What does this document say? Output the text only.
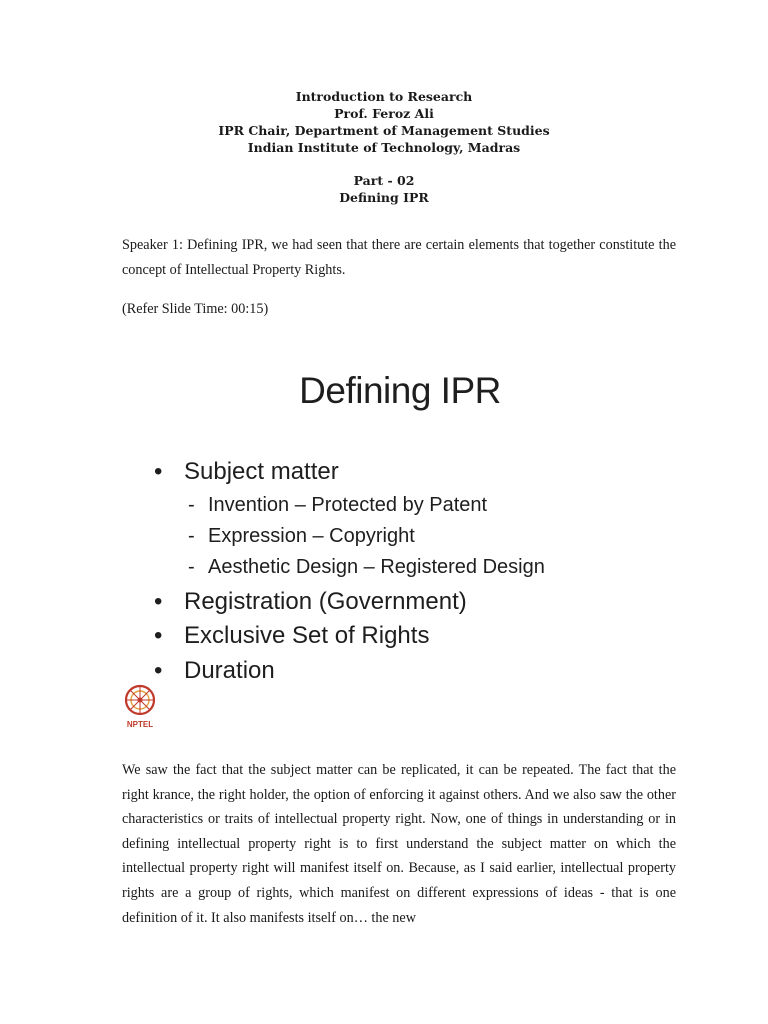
Introduction to Research
Prof. Feroz Ali
IPR Chair, Department of Management Studies
Indian Institute of Technology, Madras
Part - 02
Defining IPR

Speaker 1: Defining IPR, we had seen that there are certain elements that together constitute the concept of Intellectual Property Rights.

(Refer Slide Time: 00:15)
Defining IPR
• Subject matter
- Invention – Protected by Patent
- Expression – Copyright
- Aesthetic Design – Registered Design
• Registration (Government)
• Exclusive Set of Rights
• Duration
NPTEL

We saw the fact that the subject matter can be replicated, it can be repeated. The fact that the right krance, the right holder, the option of enforcing it against others. And we also saw the other characteristics or traits of intellectual property right. Now, one of things in understanding or in defining intellectual property right is to first understand the subject matter on which the intellectual property right will manifest itself on. Because, as I said earlier, intellectual property rights are a group of rights, which manifest on different expressions of ideas - that is one definition of it. It also manifests itself on… the new
